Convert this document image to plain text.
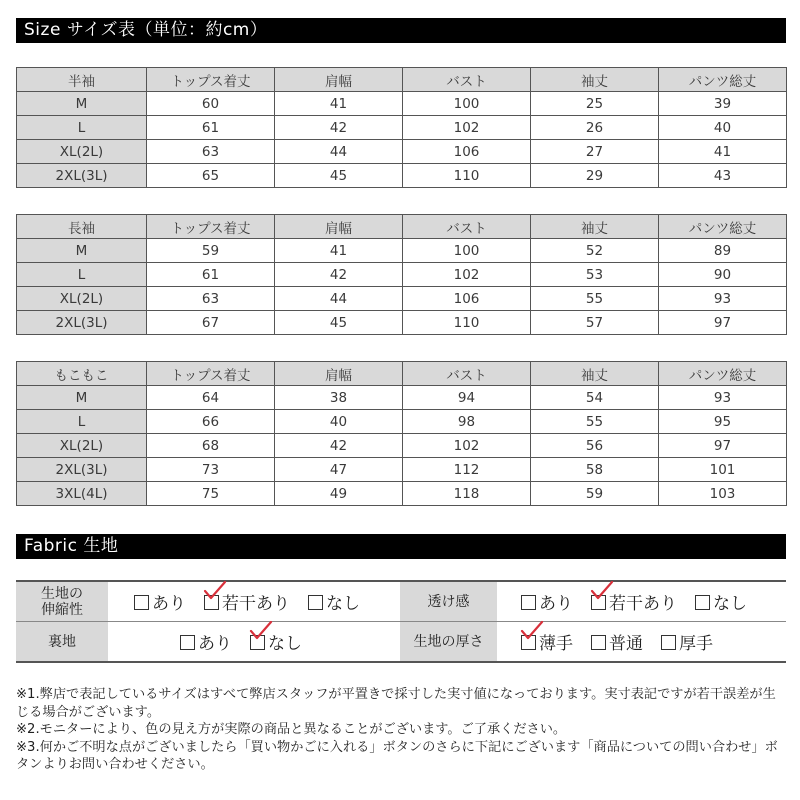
Size サイズ表（単位：約cm）
半袖	トップス着丈	肩幅	バスト	袖丈	パンツ総丈
M	60	41	100	25	39
L	61	42	102	26	40
XL(2L)	63	44	106	27	41
2XL(3L)	65	45	110	29	43
長袖	トップス着丈	肩幅	バスト	袖丈	パンツ総丈
M	59	41	100	52	89
L	61	42	102	53	90
XL(2L)	63	44	106	55	93
2XL(3L)	67	45	110	57	97
もこもこ	トップス着丈	肩幅	バスト	袖丈	パンツ総丈
M	64	38	94	54	93
L	66	40	98	55	95
XL(2L)	68	42	102	56	97
2XL(3L)	73	47	112	58	101
3XL(4L)	75	49	118	59	103
Fabric 生地
生地の伸縮性	あり 若干あり なし	透け感	あり 若干あり なし
裏地	あり なし	生地の厚さ	薄手 普通 厚手

※1.弊店で表記しているサイズはすべて弊店スタッフが平置きで採寸した実寸値になっております。実寸表記ですが若干誤差が生じる場合がございます。

※2.モニターにより、色の見え方が実際の商品と異なることがございます。ご了承ください。

※3.何かご不明な点がございましたら「買い物かごに入れる」ボタンのさらに下記にございます「商品についての問い合わせ」ボタンよりお問い合わせください。
